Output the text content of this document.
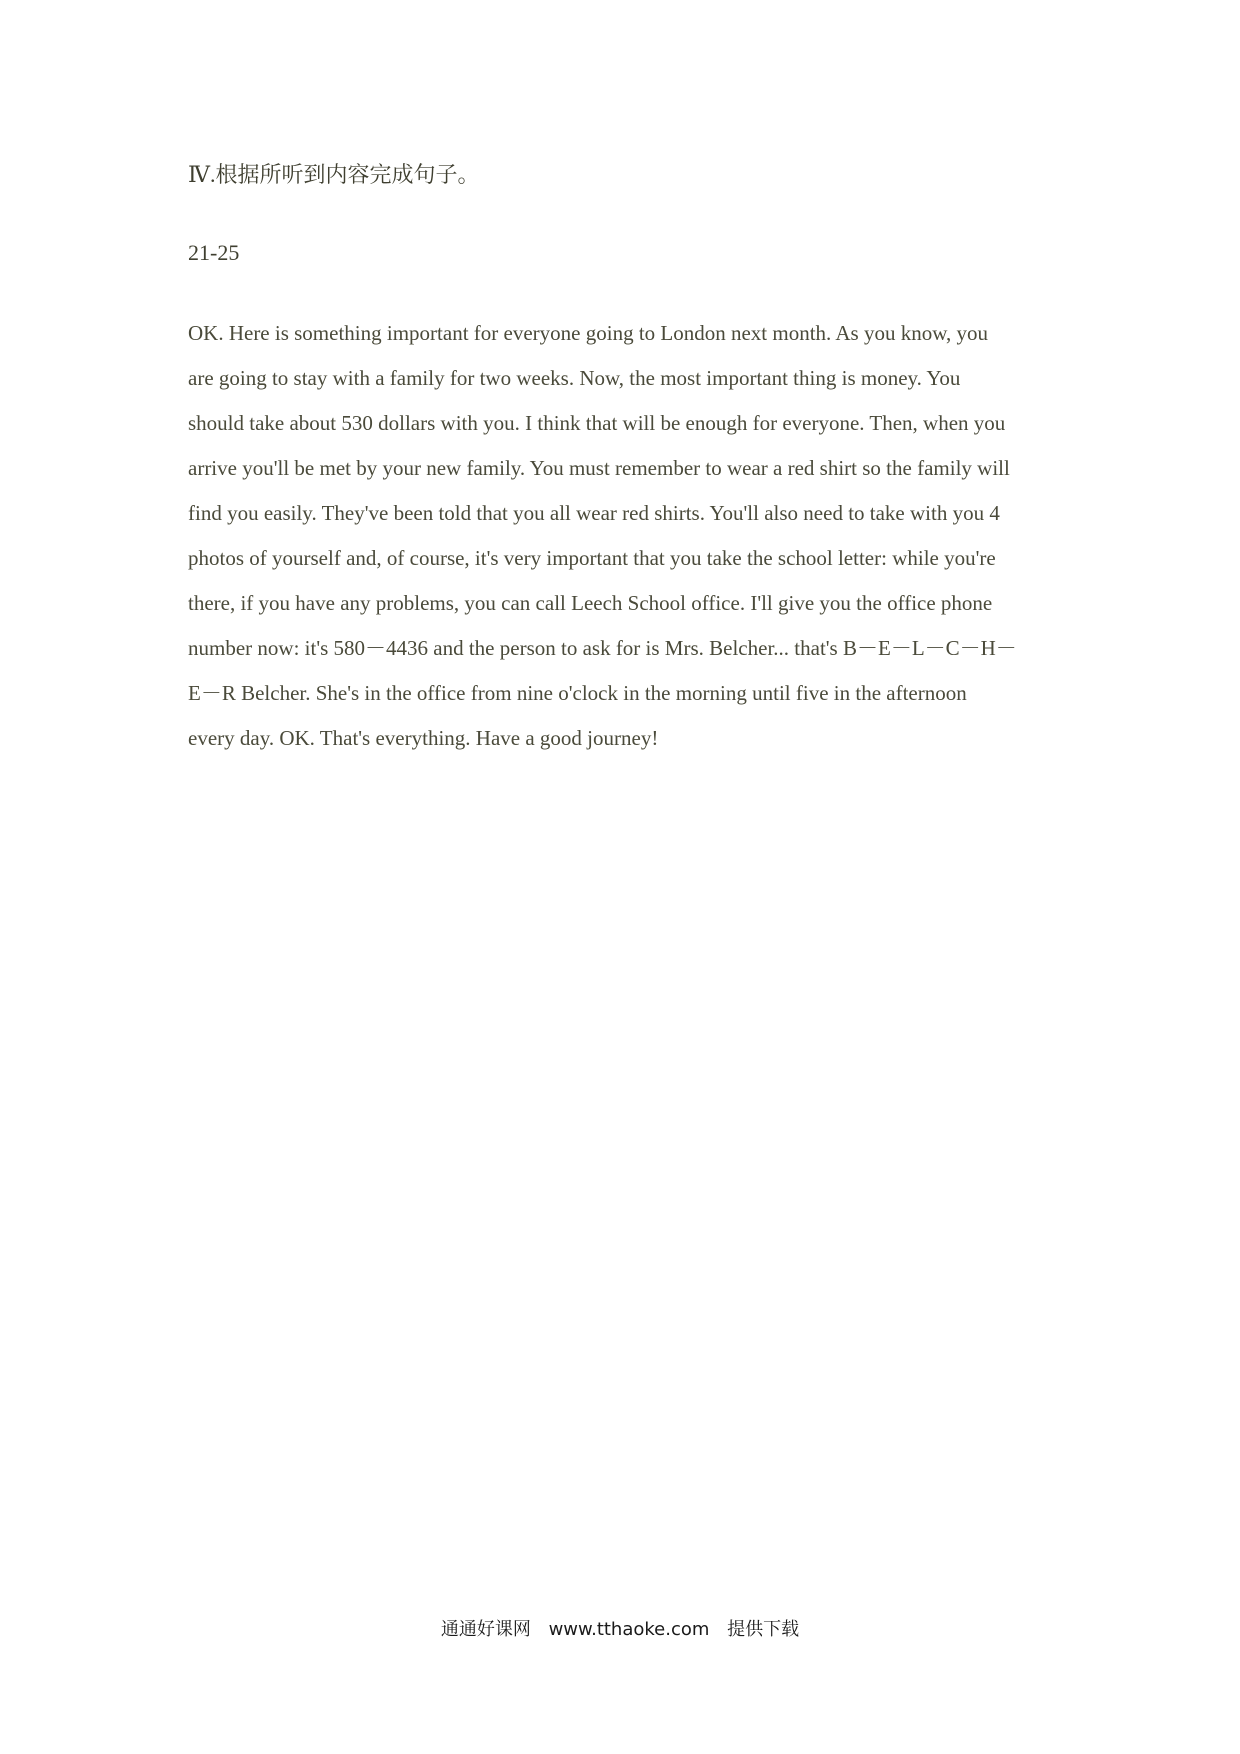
Ⅳ.根据所听到内容完成句子。
21-25
OK. Here is something important for everyone going to London next month. As you know, you
are going to stay with a family for two weeks. Now, the most important thing is money. You
should take about 530 dollars with you. I think that will be enough for everyone. Then, when you
arrive you'll be met by your new family. You must remember to wear a red shirt so the family will
find you easily. They've been told that you all wear red shirts. You'll also need to take with you 4
photos of yourself and, of course, it's very important that you take the school letter: while you're
there, if you have any problems, you can call Leech School office. I'll give you the office phone
number now: it's 580－4436 and the person to ask for is Mrs. Belcher... that's B－E－L－C－H－
E－R Belcher. She's in the office from nine o'clock in the morning until five in the afternoon
every day. OK. That's everything. Have a good journey!
通通好课网 www.tthaoke.com 提供下载
